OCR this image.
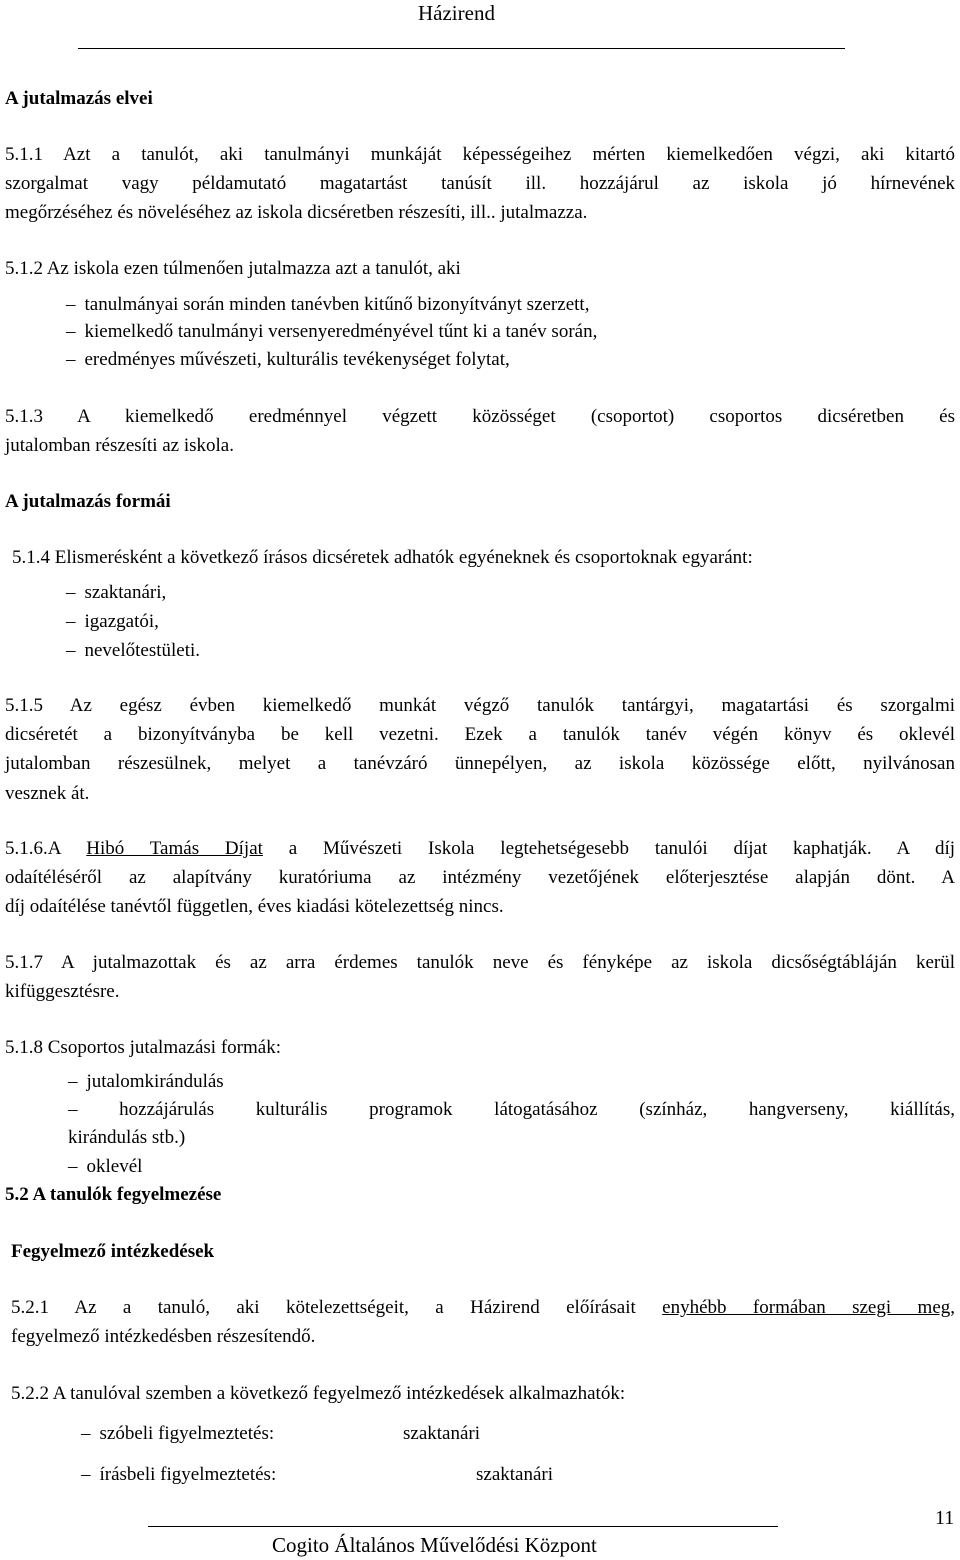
Házirend
A jutalmazás elvei
5.1.1 Azt a tanulót, aki tanulmányi munkáját képességeihez mérten kiemelkedően végzi, aki kitartó
szorgalmat vagy példamutató magatartást tanúsít ill. hozzájárul az iskola jó hírnevének
megőrzéséhez és növeléséhez az iskola dicséretben részesíti, ill.. jutalmazza.
5.1.2 Az iskola ezen túlmenően jutalmazza azt a tanulót, aki
– tanulmányai során minden tanévben kitűnő bizonyítványt szerzett,
– kiemelkedő tanulmányi versenyeredményével tűnt ki a tanév során,
– eredményes művészeti, kulturális tevékenységet folytat,
5.1.3 A kiemelkedő eredménnyel végzett közösséget (csoportot) csoportos dicséretben és
jutalomban részesíti az iskola.
A jutalmazás formái
5.1.4 Elismerésként a következő írásos dicséretek adhatók egyéneknek és csoportoknak egyaránt:
– szaktanári,
– igazgatói,
– nevelőtestületi.
5.1.5 Az egész évben kiemelkedő munkát végző tanulók tantárgyi, magatartási és szorgalmi
dicséretét a bizonyítványba be kell vezetni. Ezek a tanulók tanév végén könyv és oklevél
jutalomban részesülnek, melyet a tanévzáró ünnepélyen, az iskola közössége előtt, nyilvánosan
vesznek át.
5.1.6.A Hibó Tamás Díjat a Művészeti Iskola legtehetségesebb tanulói díjat kaphatják. A díj
odaítéléséről az alapítvány kuratóriuma az intézmény vezetőjének előterjesztése alapján dönt. A
díj odaítélése tanévtől független, éves kiadási kötelezettség nincs.
5.1.7 A jutalmazottak és az arra érdemes tanulók neve és fényképe az iskola dicsőségtábláján kerül
kifüggesztésre.
5.1.8 Csoportos jutalmazási formák:
– jutalomkirándulás
– hozzájárulás kulturális programok látogatásához (színház, hangverseny, kiállítás,
kirándulás stb.)
– oklevél
5.2 A tanulók fegyelmezése
Fegyelmező intézkedések
5.2.1 Az a tanuló, aki kötelezettségeit, a Házirend előírásait enyhébb formában szegi meg,
fegyelmező intézkedésben részesítendő.
5.2.2 A tanulóval szemben a következő fegyelmező intézkedések alkalmazhatók:
– szóbeli figyelmeztetés:	szaktanári
– írásbeli figyelmeztetés:	szaktanári
11
Cogito Általános Művelődési Központ
